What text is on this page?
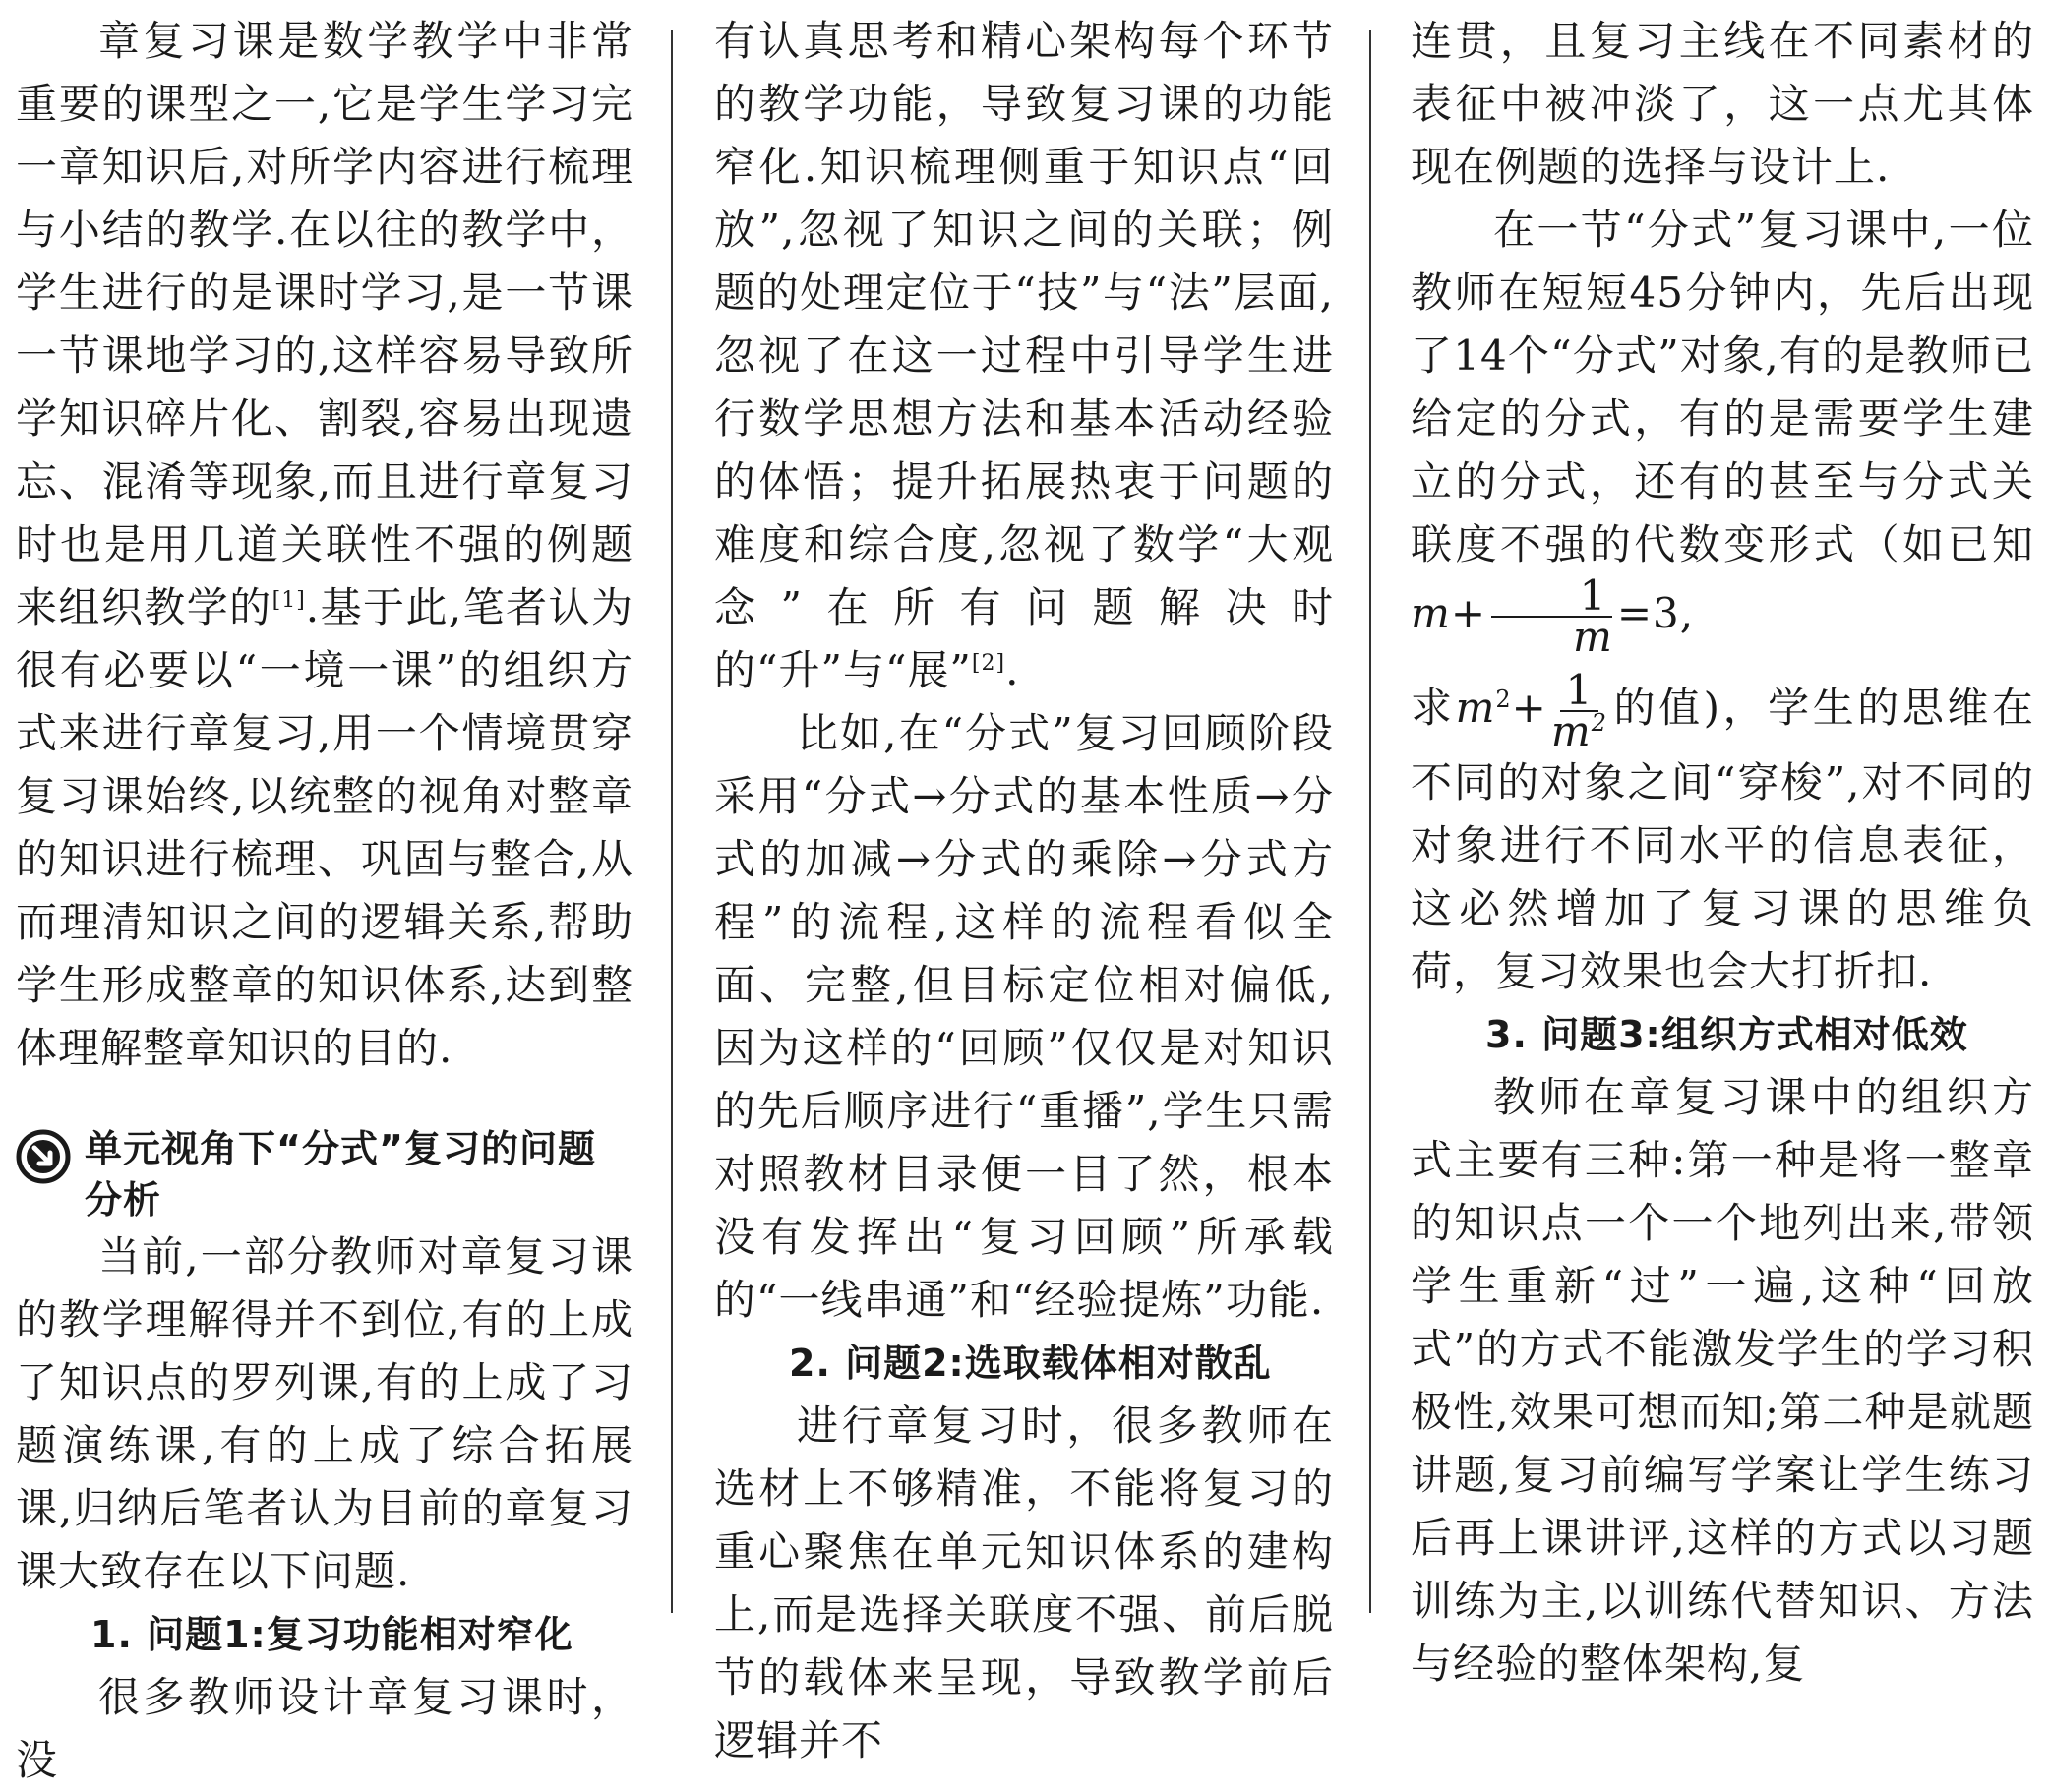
章复习课是数学教学中非常重要的课型之一,它是学生学习完一章知识后,对所学内容进行梳理与小结的教学.在以往的教学中，学生进行的是课时学习,是一节课一节课地学习的,这样容易导致所学知识碎片化、割裂,容易出现遗忘、混淆等现象,而且进行章复习时也是用几道关联性不强的例题来组织教学的[1].基于此,笔者认为很有必要以“一境一课”的组织方式来进行章复习,用一个情境贯穿复习课始终,以统整的视角对整章的知识进行梳理、巩固与整合,从而理清知识之间的逻辑关系,帮助学生形成整章的知识体系,达到整体理解整章知识的目的.

单元视角下“分式”复习的问题分析

当前,一部分教师对章复习课的教学理解得并不到位,有的上成了知识点的罗列课,有的上成了习题演练课,有的上成了综合拓展课,归纳后笔者认为目前的章复习课大致存在以下问题.

1. 问题1:复习功能相对窄化

很多教师设计章复习课时，没

有认真思考和精心架构每个环节的教学功能，导致复习课的功能窄化.知识梳理侧重于知识点“回放”,忽视了知识之间的关联；例题的处理定位于“技”与“法”层面,忽视了在这一过程中引导学生进行数学思想方法和基本活动经验的体悟；提升拓展热衷于问题的难度和综合度,忽视了数学“大观念”在所有问题解决时的“升”与“展”[2].

比如,在“分式”复习回顾阶段采用“分式→分式的基本性质→分式的加减→分式的乘除→分式方程”的流程,这样的流程看似全面、完整,但目标定位相对偏低,因为这样的“回顾”仅仅是对知识的先后顺序进行“重播”,学生只需对照教材目录便一目了然，根本没有发挥出“复习回顾”所承载的“一线串通”和“经验提炼”功能.

2. 问题2:选取载体相对散乱

进行章复习时，很多教师在选材上不够精准，不能将复习的重心聚焦在单元知识体系的建构上,而是选择关联度不强、前后脱节的载体来呈现，导致教学前后逻辑并不

连贯，且复习主线在不同素材的表征中被冲淡了，这一点尤其体现在例题的选择与设计上.

在一节“分式”复习课中,一位教师在短短45分钟内，先后出现了14个“分式”对象,有的是教师已给定的分式，有的是需要学生建立的分式，还有的甚至与分式关联度不强的代数变形式（如已知$m+ \frac{1}{m} =3$,

求$m^2+ \frac{1}{m^2}$ 的值)，学生的思维在不同的对象之间“穿梭”,对不同的对象进行不同水平的信息表征，这必然增加了复习课的思维负荷，复习效果也会大打折扣.

3. 问题3:组织方式相对低效

教师在章复习课中的组织方式主要有三种:第一种是将一整章的知识点一个一个地列出来,带领学生重新“过”一遍,这种“回放式”的方式不能激发学生的学习积极性,效果可想而知;第二种是就题讲题,复习前编写学案让学生练习后再上课讲评,这样的方式以习题训练为主,以训练代替知识、方法与经验的整体架构,复
